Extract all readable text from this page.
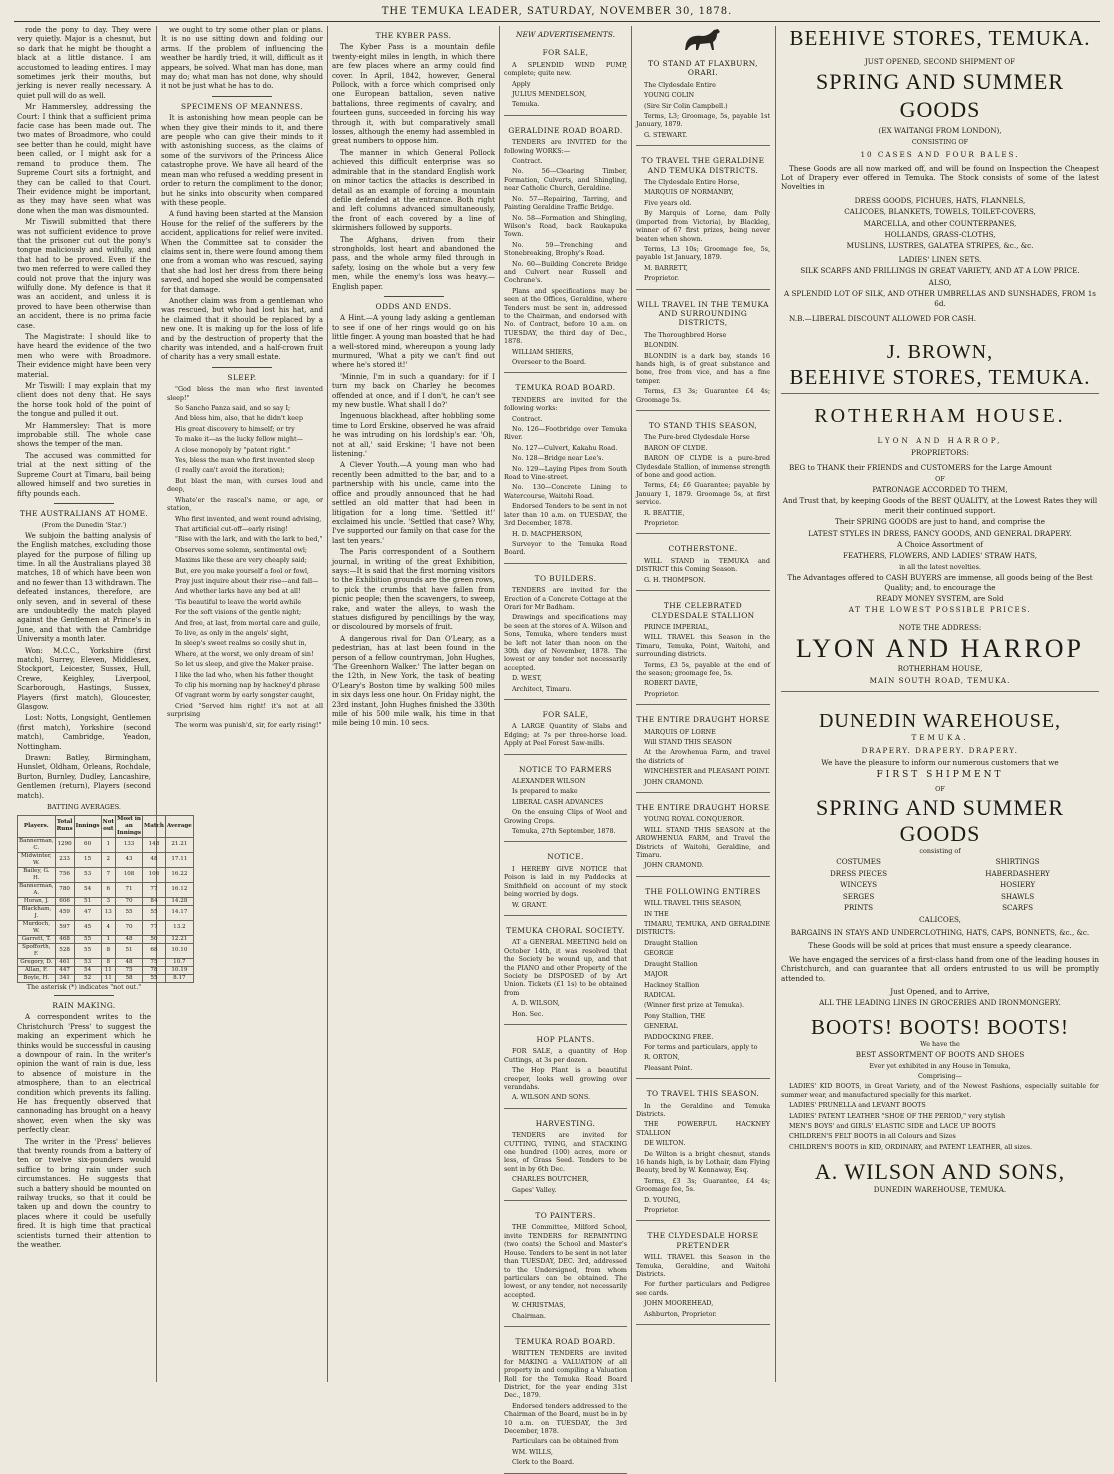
THE TEMUKA LEADER, SATURDAY, NOVEMBER 30, 1878.

rode the pony to day. They were very quietly. Major is a chesnut, but so dark that he might be thought a black at a little distance. I am accustomed to leading entires. I may sometimes jerk their mouths, but jerking is never really necessary. A quiet pull will do as well.

Mr Hammersley, addressing the Court: I think that a sufficient prima facie case has been made out. The two mates of Broadmore, who could see better than he could, might have been called, or I might ask for a remand to produce them. The Supreme Court sits a fortnight, and they can be called to that Court. Their evidence might be important, as they may have seen what was done when the man was dismounted.

Mr Tiswill submitted that there was not sufficient evidence to prove that the prisoner cut out the pony's tongue maliciously and wilfully, and that had to be proved. Even if the two men referred to were called they could not prove that the injury was wilfully done. My defence is that it was an accident, and unless it is proved to have been otherwise than an accident, there is no prima facie case.

The Magistrate: I should like to have heard the evidence of the two men who were with Broadmore. Their evidence might have been very material.

Mr Tiswill: I may explain that my client does not deny that. He says the horse took hold of the point of the tongue and pulled it out.

Mr Hammersley: That is more improbable still. The whole case shows the temper of the man.

The accused was committed for trial at the next sitting of the Supreme Court at Timaru, bail being allowed himself and two sureties in fifty pounds each.

THE AUSTRALIANS AT HOME.

(From the Dunedin 'Star.')

We subjoin the batting analysis of the English matches, excluding those played for the purpose of filling up time. In all the Australians played 38 matches, 18 of which have been won and no fewer than 13 withdrawn. The defeated instances, therefore, are only seven, and in several of these are undoubtedly the match played against the Gentlemen at Prince's in June, and that with the Cambridge University a month later.

Won: M.C.C., Yorkshire (first match), Surrey, Eleven, Middlesex, Stockport, Leicester, Sussex, Hull, Crewe, Keighley, Liverpool, Scarborough, Hastings, Sussex, Players (first match), Gloucester, Glasgow.

Lost: Notts, Longsight, Gentlemen (first match), Yorkshire (second match), Cambridge, Yeadon, Nottingham.

Drawn: Batley, Birmingham, Hunslet, Oldham, Orleans, Rochdale, Burton, Burnley, Dudley, Lancashire, Gentlemen (return), Players (second match).

BATTING AVERAGES.

Players.	Total Runs	Innings	Not out	Most in an Innings	Match	Average
Bannerman, C.	1290	60	1	133	148	21.21
Midwinter, W.	233	15	2	43	48	17.11
Bailey, G. H.	756	53	7	108	106	16.22
Bannerman, A.	780	54	6	71	77	16.12
Horan, J.	606	51	3	70	84	14.28
Blackham, J.	459	47	13	55	55	14.17
Murdoch, W.	597	45	4	70	77	13.2
Garrett, T.	468	55	1	48	50	12.21
Spofforth, F.	528	55	8	51	68	10.10
Gregory, D.	461	53	8	48	75	10.7
Allan, F.	447	54	11	75	78	10.19
Boyle, H.	341	52	11	58	55	8.17

The asterisk (*) indicates "not out."

RAIN MAKING.

A correspondent writes to the Christchurch 'Press' to suggest the making an experiment which he thinks would be successful in causing a downpour of rain. In the writer's opinion the want of rain is due, less to absence of moisture in the atmosphere, than to an electrical condition which prevents its falling. He has frequently observed that cannonading has brought on a heavy shower, even when the sky was perfectly clear.

The writer in the 'Press' believes that twenty rounds from a battery of ten or twelve six-pounders would suffice to bring rain under such circumstances. He suggests that such a battery should be mounted on railway trucks, so that it could be taken up and down the country to places where it could be usefully fired. It is high time that practical scientists turned their attention to the weather.

we ought to try some other plan or plans. It is no use sitting down and folding our arms. If the problem of influencing the weather be hardly tried, it will, difficult as it appears, be solved. What man has done, man may do; what man has not done, why should it not be just what he has to do.

SPECIMENS OF MEANNESS.

It is astonishing how mean people can be when they give their minds to it, and there are people who can give their minds to it with astonishing success, as the claims of some of the survivors of the Princess Alice catastrophe prove. We have all heard of the mean man who refused a wedding present in order to return the compliment to the donor, but he sinks into obscurity when compared with these people.

A fund having been started at the Mansion House for the relief of the sufferers by the accident, applications for relief were invited. When the Committee sat to consider the claims sent in, there were found among them one from a woman who was rescued, saying that she had lost her dress from there being saved, and hoped she would be compensated for that damage.

Another claim was from a gentleman who was rescued, but who had lost his hat, and he claimed that it should be replaced by a new one. It is making up for the loss of life and by the destruction of property that the charity was intended, and a half-crown fruit of charity has a very small estate.

SLEEP.

"God bless the man who first invented sleep!"

So Sancho Panza said, and so say I;

And bless him, also, that he didn't keep

His great discovery to himself; or try

To make it—as the lucky fellow might—

A close monopoly by "patent right."

Yes, bless the man who first invented sleep

(I really can't avoid the iteration);

But blast the man, with curses loud and deep,

Whate'er the rascal's name, or age, or station,

Who first invented, and went round advising,

That artificial cut-off—early rising!

"Rise with the lark, and with the lark to bed,"

Observes some solemn, sentimental owl;

Maxims like these are very cheaply said;

But, ere you make yourself a fool or fowl,

Pray just inquire about their rise—and fall—

And whether larks have any bed at all!

'Tis beautiful to leave the world awhile

For the soft visions of the gentle night;

And free, at last, from mortal care and guile,

To live, as only in the angels' sight,

In sleep's sweet realms so cosily shut in,

Where, at the worst, we only dream of sin!

So let us sleep, and give the Maker praise.

I like the lad who, when his father thought

To clip his morning nap by hackney'd phrase

Of vagrant worm by early songster caught,

Cried "Served him right! it's not at all surprising

The worm was punish'd, sir, for early rising!"

THE KYBER PASS.

The Kyber Pass is a mountain defile twenty-eight miles in length, in which there are few places where an army could find cover. In April, 1842, however, General Pollock, with a force which comprised only one European battalion, seven native battalions, three regiments of cavalry, and fourteen guns, succeeded in forcing his way through it, with but comparatively small losses, although the enemy had assembled in great numbers to oppose him.

The manner in which General Pollock achieved this difficult enterprise was so admirable that in the standard English work on minor tactics the attacks is described in detail as an example of forcing a mountain defile defended at the entrance. Both right and left columns advanced simultaneously, the front of each covered by a line of skirmishers followed by supports.

The Afghans, driven from their strongholds, lost heart and abandoned the pass, and the whole army filed through in safety, losing on the whole but a very few men, while the enemy's loss was heavy.—English paper.

ODDS AND ENDS.

A Hint.—A young lady asking a gentleman to see if one of her rings would go on his little finger. A young man boasted that he had a well-stored mind, whereupon a young lady murmured, 'What a pity we can't find out where he's stored it!'

'Minnie, I'm in such a quandary: for if I turn my back on Charley he becomes offended at once, and if I don't, he can't see my new bustle. What shall I do?'

Ingenuous blackhead, after hobbling some time to Lord Erskine, observed he was afraid he was intruding on his lordship's ear. 'Oh, not at all,' said Erskine; 'I have not been listening.'

A Clever Youth.—A young man who had recently been admitted to the bar, and to a partnership with his uncle, came into the office and proudly announced that he had settled an old matter that had been in litigation for a long time. 'Settled it!' exclaimed his uncle. 'Settled that case? Why, I've supported our family on that case for the last ten years.'

The Paris correspondent of a Southern journal, in writing of the great Exhibition, says:—It is said that the first morning visitors to the Exhibition grounds are the green rows, to pick the crumbs that have fallen from picnic people; then the scavengers, to sweep, rake, and water the alleys, to wash the statues disfigured by pencillings by the way, or discoloured by morsels of fruit.

A dangerous rival for Dan O'Leary, as a pedestrian, has at last been found in the person of a fellow countryman, John Hughes, 'The Greenhorn Walker.' The latter began on the 12th, in New York, the task of beating O'Leary's Boston time by walking 500 miles in six days less one hour. On Friday night, the 23rd instant, John Hughes finished the 330th mile of his 500 mile walk, his time in that mile being 10 min. 10 secs.

NEW ADVERTISEMENTS.
FOR SALE,

A SPLENDID WIND PUMP, complete; quite new.

Apply

JULIUS MENDELSON,

Temuka.

GERALDINE ROAD BOARD.

TENDERS are INVITED for the following WORKS:—

Contract.

No. 56—Clearing Timber, Formation, Culverts, and Shingling, near Catholic Church, Geraldine.

No. 57—Repairing, Tarring, and Painting Geraldine Traffic Bridge.

No. 58—Formation and Shingling, Wilson's Road, back Raukapuka Town.

No. 59—Trenching and Stonebreaking, Brophy's Road.

No. 60—Building Concrete Bridge and Culvert near Russell and Cochrane's.

Plans and specifications may be seen at the Offices, Geraldine, where Tenders must be sent in, addressed to the Chairman, and endorsed with No. of Contract, before 10 a.m. on TUESDAY, the third day of Dec., 1878.

WILLIAM SHIERS,

Overseer to the Board.

TEMUKA ROAD BOARD.

TENDERS are invited for the following works:

Contract.

No. 126—Footbridge over Temuka River.

No. 127—Culvert, Kakahu Road.

No. 128—Bridge near Lee's.

No. 129—Laying Pipes from South Road to Vine-street.

No. 130—Concrete Lining to Watercourse, Waitohi Road.

Endorsed Tenders to be sent in not later than 10 a.m. on TUESDAY, the 3rd December, 1878.

H. D. MACPHERSON,

Surveyor to the Temuka Road Board.

TO BUILDERS.

TENDERS are invited for the Erection of a Concrete Cottage at the Orari for Mr Badham.

Drawings and specifications may be seen at the stores of A. Wilson and Sons, Temuka, where tenders must be left not later than noon on the 30th day of November, 1878. The lowest or any tender not necessarily accepted.

D. WEST,

Architect, Timaru.

FOR SALE,

A LARGE Quantity of Slabs and Edging; at 7s per three-horse load. Apply at Peel Forest Saw-mills.

NOTICE TO FARMERS

ALEXANDER WILSON

Is prepared to make

LIBERAL CASH ADVANCES

On the ensuing Clips of Wool and Growing Crops.

Temuka, 27th September, 1878.

NOTICE.

I HEREBY GIVE NOTICE that Poison is laid in my Paddocks at Smithfield on account of my stock being worried by dogs.

W. GRANT.

TEMUKA CHORAL SOCIETY.

AT a GENERAL MEETING held on October 14th, it was resolved that the Society be wound up, and that the PIANO and other Property of the Society be DISPOSED of by Art Union. Tickets (£1 1s) to be obtained from

A. D. WILSON,

Hon. Sec.

HOP PLANTS.

FOR SALE, a quantity of Hop Cuttings, at 3s per dozen.

The Hop Plant is a beautiful creeper, looks well growing over verandahs.

A. WILSON AND SONS.

HARVESTING.

TENDERS are invited for CUTTING, TYING, and STACKING one hundred (100) acres, more or less, of Grass Seed. Tenders to be sent in by 6th Dec.

CHARLES BOUTCHER,

Gapes' Valley.

TO PAINTERS.

THE Committee, Milford School, invite TENDERS for REPAINTING (two coats) the School and Master's House. Tenders to be sent in not later than TUESDAY, DEC. 3rd, addressed to the Undersigned, from whom particulars can be obtained. The lowest, or any tender, not necessarily accepted.

W. CHRISTMAS,

Chairman.

TEMUKA ROAD BOARD.

WRITTEN TENDERS are invited for MAKING a VALUATION of all property in and compiling a Valuation Roll for the Temuka Road Board District, for the year ending 31st Dec., 1879.

Endorsed tenders addressed to the Chairman of the Board, must be in by 10 a.m. on TUESDAY, the 3rd December, 1878.

Particulars can be obtained from

WM. WILLS,

Clerk to the Board.

TO STAND AT FLAXBURN, ORARI.

The Clydesdale Entire

YOUNG COLIN

(Sire Sir Colin Campbell.)

Terms, L3; Groomage, 5s, payable 1st January, 1879.

G. STEWART.

TO TRAVEL THE GERALDINE AND TEMUKA DISTRICTS.

The Clydesdale Entire Horse,

MARQUIS OF NORMANBY,

Five years old.

By Marquis of Lorne, dam Polly (imported from Victoria), by Blackleg, winner of 67 first prizes, being never beaten when shown.

Terms, L3 10s; Groomage fee, 5s, payable 1st January, 1879.

M. BARRETT,

Proprietor.

WILL TRAVEL IN THE TEMUKA AND SURROUNDING DISTRICTS,

The Thoroughbred Horse

BLONDIN.

BLONDIN is a dark bay, stands 16 hands high, is of great substance and bone, free from vice, and has a fine temper.

Terms, £3 3s; Guarantee £4 4s; Groomage 5s.

TO STAND THIS SEASON,

The Pure-bred Clydesdale Horse

BARON OF CLYDE.

BARON OF CLYDE is a pure-bred Clydesdale Stallion, of immense strength of bone and good action.

Terms, £4; £6 Guarantee; payable by January 1, 1879. Groomage 5s, at first service.

R. BEATTIE,

Proprietor.

COTHERSTONE.

WILL STAND in TEMUKA and DISTRICT this Coming Season.

G. H. THOMPSON.

THE CELEBRATED CLYDESDALE STALLION

PRINCE IMPERIAL,

WILL TRAVEL this Season in the Timaru, Temuka, Point, Waitohi, and surrounding districts.

Terms, £3 5s, payable at the end of the season; groomage fee, 5s.

ROBERT DAVIE,

Proprietor.

THE ENTIRE DRAUGHT HORSE

MARQUIS OF LORNE

Will STAND THIS SEASON

At the Arowhenua Farm, and travel the districts of

WINCHESTER and PLEASANT POINT.

JOHN CRAMOND.

THE ENTIRE DRAUGHT HORSE

YOUNG ROYAL CONQUEROR.

WILL STAND THIS SEASON at the AROWHENUA FARM, and Travel the Districts of Waitohi, Geraldine, and Timaru.

JOHN CRAMOND.

THE FOLLOWING ENTIRES

WILL TRAVEL THIS SEASON,

IN THE

TIMARU, TEMUKA, AND GERALDINE DISTRICTS:

Draught Stallion

GEORGE

Draught Stallion

MAJOR

Hackney Stallion

RADICAL

(Winner first prize at Temuka).

Pony Stallion, THE

GENERAL

PADDOCKING FREE.

For terms and particulars, apply to

R. ORTON,

Pleasant Point.

TO TRAVEL THIS SEASON.

In the Geraldine and Temuka Districts.

THE POWERFUL HACKNEY STALLION

DE WILTON.

De Wilton is a bright chesnut, stands 16 hands high, is by Lothair, dam Flying Beauty, bred by W. Kennaway, Esq.

Terms, £3 3s; Guarantee, £4 4s; Groomage fee, 5s.

D. YOUNG,

Proprietor.

THE CLYDESDALE HORSE PRETENDER

WILL TRAVEL this Season in the Temuka, Geraldine, and Waitohi Districts.

For further particulars and Pedigree see cards.

JOHN MOOREHEAD,

Ashburton, Proprietor.

BEEHIVE STORES, TEMUKA.

JUST OPENED, SECOND SHIPMENT OF

SPRING AND SUMMER GOODS

(EX WAITANGI FROM LONDON),

CONSISTING OF

10 CASES AND FOUR BALES.

These Goods are all now marked off, and will be found on Inspection the Cheapest Lot of Drapery ever offered in Temuka. The Stock consists of some of the latest Novelties in

DRESS GOODS, FICHUES, HATS, FLANNELS,

CALICOES, BLANKETS, TOWELS, TOILET-COVERS,

MARCELLA, and other COUNTERPANES,

HOLLANDS, GRASS-CLOTHS,

MUSLINS, LUSTRES, GALATEA STRIPES, &c., &c.

LADIES' LINEN SETS.

SILK SCARFS AND FRILLINGS IN GREAT VARIETY, AND AT A LOW PRICE.

ALSO,

A SPLENDID LOT OF SILK, AND OTHER UMBRELLAS AND SUNSHADES, FROM 1s 6d.

N.B.—LIBERAL DISCOUNT ALLOWED FOR CASH.

J. BROWN,
BEEHIVE STORES, TEMUKA.
ROTHERHAM HOUSE.

LYON AND HARROP,

PROPRIETORS:

BEG to THANK their FRIENDS and CUSTOMERS for the Large Amount

OF

PATRONAGE ACCORDED TO THEM,

And Trust that, by keeping Goods of the BEST QUALITY, at the Lowest Rates they will merit their continued support.

Their SPRING GOODS are just to hand, and comprise the

LATEST STYLES IN DRESS, FANCY GOODS, AND GENERAL DRAPERY.

A Choice Assortment of

FEATHERS, FLOWERS, AND LADIES' STRAW HATS,

in all the latest novelties.

The Advantages offered to CASH BUYERS are immense, all goods being of the Best Quality; and, to encourage the

READY MONEY SYSTEM, are Sold

AT THE LOWEST POSSIBLE PRICES.

NOTE THE ADDRESS:

LYON AND HARROP

ROTHERHAM HOUSE,

MAIN SOUTH ROAD, TEMUKA.

DUNEDIN WAREHOUSE,

TEMUKA.

DRAPERY. DRAPERY. DRAPERY.

We have the pleasure to inform our numerous customers that we

FIRST SHIPMENT

OF

SPRING AND SUMMER GOODS

consisting of

COSTUMES

DRESS PIECES

WINCEYS

SERGES

PRINTS

SHIRTINGS

HABERDASHERY

HOSIERY

SHAWLS

SCARFS

CALICOES,

BARGAINS IN STAYS AND UNDERCLOTHING, HATS, CAPS, BONNETS, &c., &c.

These Goods will be sold at prices that must ensure a speedy clearance.

We have engaged the services of a first-class hand from one of the leading houses in Christchurch, and can guarantee that all orders entrusted to us will be promptly attended to.

Just Opened, and to Arrive,

ALL THE LEADING LINES IN GROCERIES AND IRONMONGERY.

BOOTS! BOOTS! BOOTS!

We have the

BEST ASSORTMENT OF BOOTS AND SHOES

Ever yet exhibited in any House in Temuka,

Comprising—

LADIES' KID BOOTS, in Great Variety, and of the Newest Fashions, especially suitable for summer wear, and manufactured specially for this market.

LADIES' PRUNELLA and LEVANT BOOTS

LADIES' PATENT LEATHER "SHOE OF THE PERIOD," very stylish

MEN'S BOYS' and GIRLS' ELASTIC SIDE and LACE UP BOOTS

CHILDREN'S FELT BOOTS in all Colours and Sizes

CHILDREN'S BOOTS in KID, ORDINARY, and PATENT LEATHER, all sizes.

A. WILSON AND SONS,

DUNEDIN WAREHOUSE, TEMUKA.
